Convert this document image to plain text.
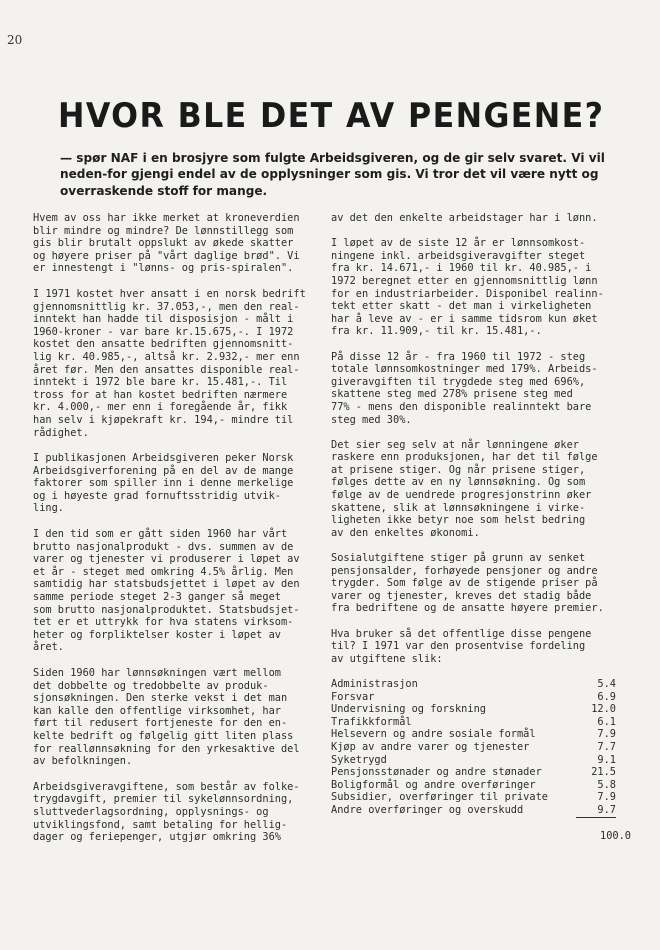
20
HVOR BLE DET AV PENGENE?
— spør NAF i en brosjyre som fulgte Arbeidsgiveren, og de gir selv svaret. Vi vil neden-for gjengi endel av de opplysninger som gis. Vi tror det vil være nytt og overraskende stoff for mange.

Hvem av oss har ikke merket at kroneverdien
blir mindre og mindre? De lønnstillegg som
gis blir brutalt oppslukt av økede skatter
og høyere priser på "vårt daglige brød". Vi
er innestengt i "lønns- og pris-spiralen".

I 1971 kostet hver ansatt i en norsk bedrift
gjennomsnittlig kr. 37.053,-, men den real-
inntekt han hadde til disposisjon - målt i
1960-kroner - var bare kr.15.675,-. I 1972
kostet den ansatte bedriften gjennomsnitt-
lig kr. 40.985,-, altså kr. 2.932,- mer enn
året før. Men den ansattes disponible real-
inntekt i 1972 ble bare kr. 15.481,-. Til
tross for at han kostet bedriften nærmere
kr. 4.000,- mer enn i foregående år, fikk
han selv i kjøpekraft kr. 194,- mindre til
rådighet.

I publikasjonen Arbeidsgiveren peker Norsk
Arbeidsgiverforening på en del av de mange
faktorer som spiller inn i denne merkelige
og i høyeste grad fornuftsstridig utvik-
ling.

I den tid som er gått siden 1960 har vårt
brutto nasjonalprodukt - dvs. summen av de
varer og tjenester vi produserer i løpet av
et år - steget med omkring 4.5% årlig. Men
samtidig har statsbudsjettet i løpet av den
samme periode steget 2-3 ganger så meget
som brutto nasjonalproduktet. Statsbudsjet-
tet er et uttrykk for hva statens virksom-
heter og forpliktelser koster i løpet av
året.

Siden 1960 har lønnsøkningen vært mellom
det dobbelte og tredobbelte av produk-
sjonsøkningen. Den sterke vekst i det man
kan kalle den offentlige virksomhet, har
ført til redusert fortjeneste for den en-
kelte bedrift og følgelig gitt liten plass
for reallønnsøkning for den yrkesaktive del
av befolkningen.

Arbeidsgiveravgiftene, som består av folke-
trygdavgift, premier til sykelønnsordning,
sluttvederlagsordning, opplysnings- og
utviklingsfond, samt betaling for hellig-
dager og feriepenger, utgjør omkring 36%

av det den enkelte arbeidstager har i lønn.

I løpet av de siste 12 år er lønnsomkost-
ningene inkl. arbeidsgiveravgifter steget
fra kr. 14.671,- i 1960 til kr. 40.985,- i
1972 beregnet etter en gjennomsnittlig lønn
for en industriarbeider. Disponibel realinn-
tekt etter skatt - det man i virkeligheten
har å leve av - er i samme tidsrom kun øket
fra kr. 11.909,- til kr. 15.481,-.

På disse 12 år - fra 1960 til 1972 - steg
totale lønnsomkostninger med 179%. Arbeids-
giveravgiften til trygdede steg med 696%,
skattene steg med 278% prisene steg med
77% - mens den disponible realinntekt bare
steg med 30%.

Det sier seg selv at når lønningene øker
raskere enn produksjonen, har det til følge
at prisene stiger. Og når prisene stiger,
følges dette av en ny lønnsøkning. Og som
følge av de uendrede progresjonstrinn øker
skattene, slik at lønnsøkningene i virke-
ligheten ikke betyr noe som helst bedring
av den enkeltes økonomi.

Sosialutgiftene stiger på grunn av senket
pensjonsalder, forhøyede pensjoner og andre
trygder. Som følge av de stigende priser på
varer og tjenester, kreves det stadig både
fra bedriftene og de ansatte høyere premier.

Hva bruker så det offentlige disse pengene
til? I 1971 var den prosentvise fordeling
av utgiftene slik:

Administrasjon	5.4
Forsvar	6.9
Undervisning og forskning	12.0
Trafikkformål	6.1
Helsevern og andre sosiale formål	7.9
Kjøp av andre varer og tjenester	7.7
Syketrygd	9.1
Pensjonsstønader og andre stønader	21.5
Boligformål og andre overføringer	5.8
Subsidier, overføringer til private	7.9
Andre overføringer og overskudd	9.7
100.0
